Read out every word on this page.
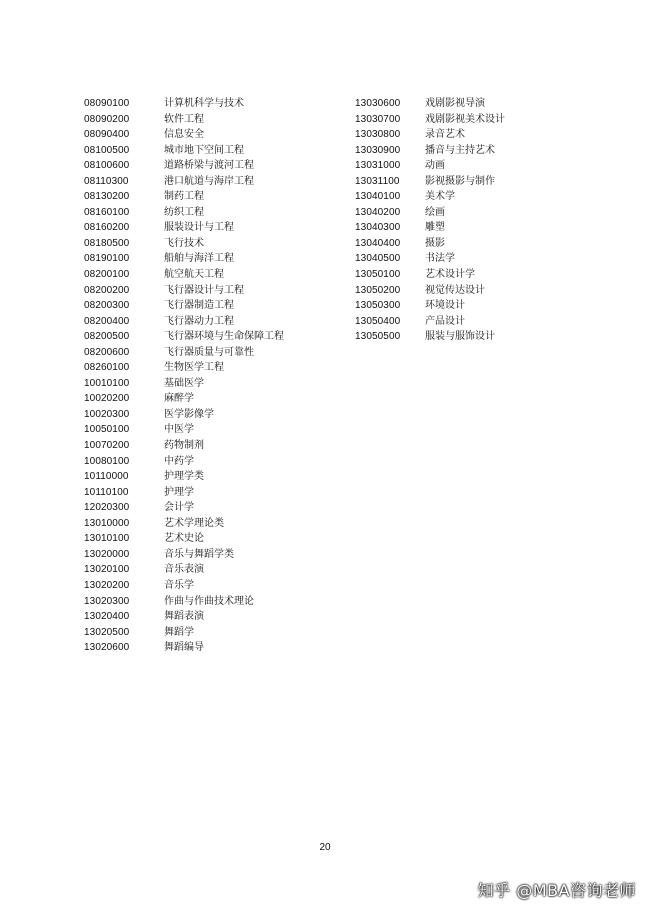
08090100	计算机科学与技术
08090200	软件工程
08090400	信息安全
08100500	城市地下空间工程
08100600	道路桥梁与渡河工程
08110300	港口航道与海岸工程
08130200	制药工程
08160100	纺织工程
08160200	服装设计与工程
08180500	飞行技术
08190100	船舶与海洋工程
08200100	航空航天工程
08200200	飞行器设计与工程
08200300	飞行器制造工程
08200400	飞行器动力工程
08200500	飞行器环境与生命保障工程
08200600	飞行器质量与可靠性
08260100	生物医学工程
10010100	基础医学
10020200	麻醉学
10020300	医学影像学
10050100	中医学
10070200	药物制剂
10080100	中药学
10110000	护理学类
10110100	护理学
12020300	会计学
13010000	艺术学理论类
13010100	艺术史论
13020000	音乐与舞蹈学类
13020100	音乐表演
13020200	音乐学
13020300	作曲与作曲技术理论
13020400	舞蹈表演
13020500	舞蹈学
13020600	舞蹈编导
13030600	戏剧影视导演
13030700	戏剧影视美术设计
13030800	录音艺术
13030900	播音与主持艺术
13031000	动画
13031100	影视摄影与制作
13040100	美术学
13040200	绘画
13040300	雕塑
13040400	摄影
13040500	书法学
13050100	艺术设计学
13050200	视觉传达设计
13050300	环境设计
13050400	产品设计
13050500	服装与服饰设计
20
知乎 @MBA咨询老师
